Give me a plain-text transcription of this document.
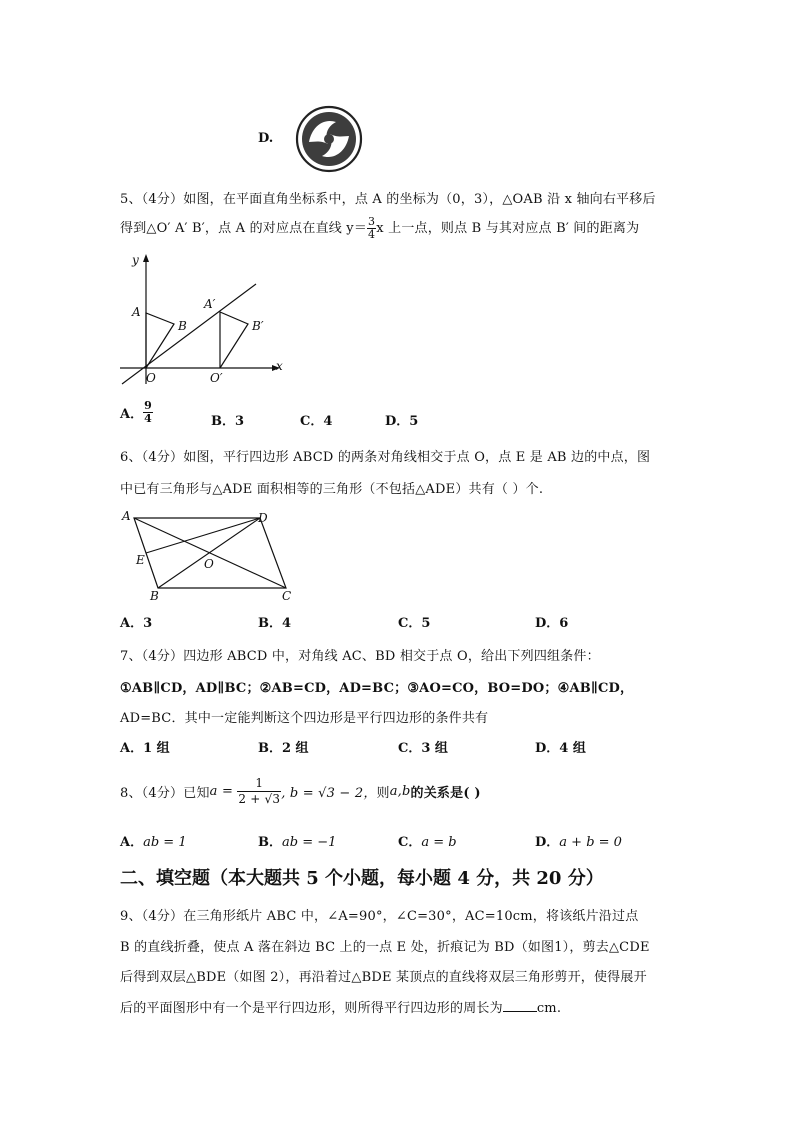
D.
5、（4分）如图，在平面直角坐标系中，点 A 的坐标为（0，3），△OAB 沿 x 轴向右平移后
得到△O′ A′ B′，点 A 的对应点在直线 $y= \frac{3}{4}$ x 上一点，则点 B 与其对应点 B′ 间的距离为
y
x
A
B
O
A′
B′
O′
A． $\frac{9}{4}$	B．3	C．4	D．5
6、（4分）如图，平行四边形 ABCD 的两条对角线相交于点 O，点 E 是 AB 边的中点，图
中已有三角形与△ADE 面积相等的三角形（不包括△ADE）共有（ ）个.
A	D
E	O
B	C
A．3	B．4	C．5	D．6
7、（4分）四边形 ABCD 中，对角线 AC、BD 相交于点 O，给出下列四组条件：
①AB∥CD，AD∥BC；②AB=CD，AD=BC；③AO=CO，BO=DO；④AB∥CD，
AD=BC．其中一定能判断这个四边形是平行四边形的条件共有
A．1 组	B．2 组	C．3 组	D．4 组
8、（4分）已知$a = \frac{1}{2 + √3}$ , b = √3 − 2，则a,b的关系是( )
A．ab = 1	B．ab = −1	C．a = b	D．a + b = 0
二、填空题（本大题共 5 个小题，每小题 4 分，共 20 分）
9、（4分）在三角形纸片 ABC 中，∠A=90°，∠C=30°，AC=10cm，将该纸片沿过点
B 的直线折叠，使点 A 落在斜边 BC 上的一点 E 处，折痕记为 BD（如图1），剪去△CDE
后得到双层△BDE（如图 2），再沿着过△BDE 某顶点的直线将双层三角形剪开，使得展开
后的平面图形中有一个是平行四边形，则所得平行四边形的周长为	cm.
